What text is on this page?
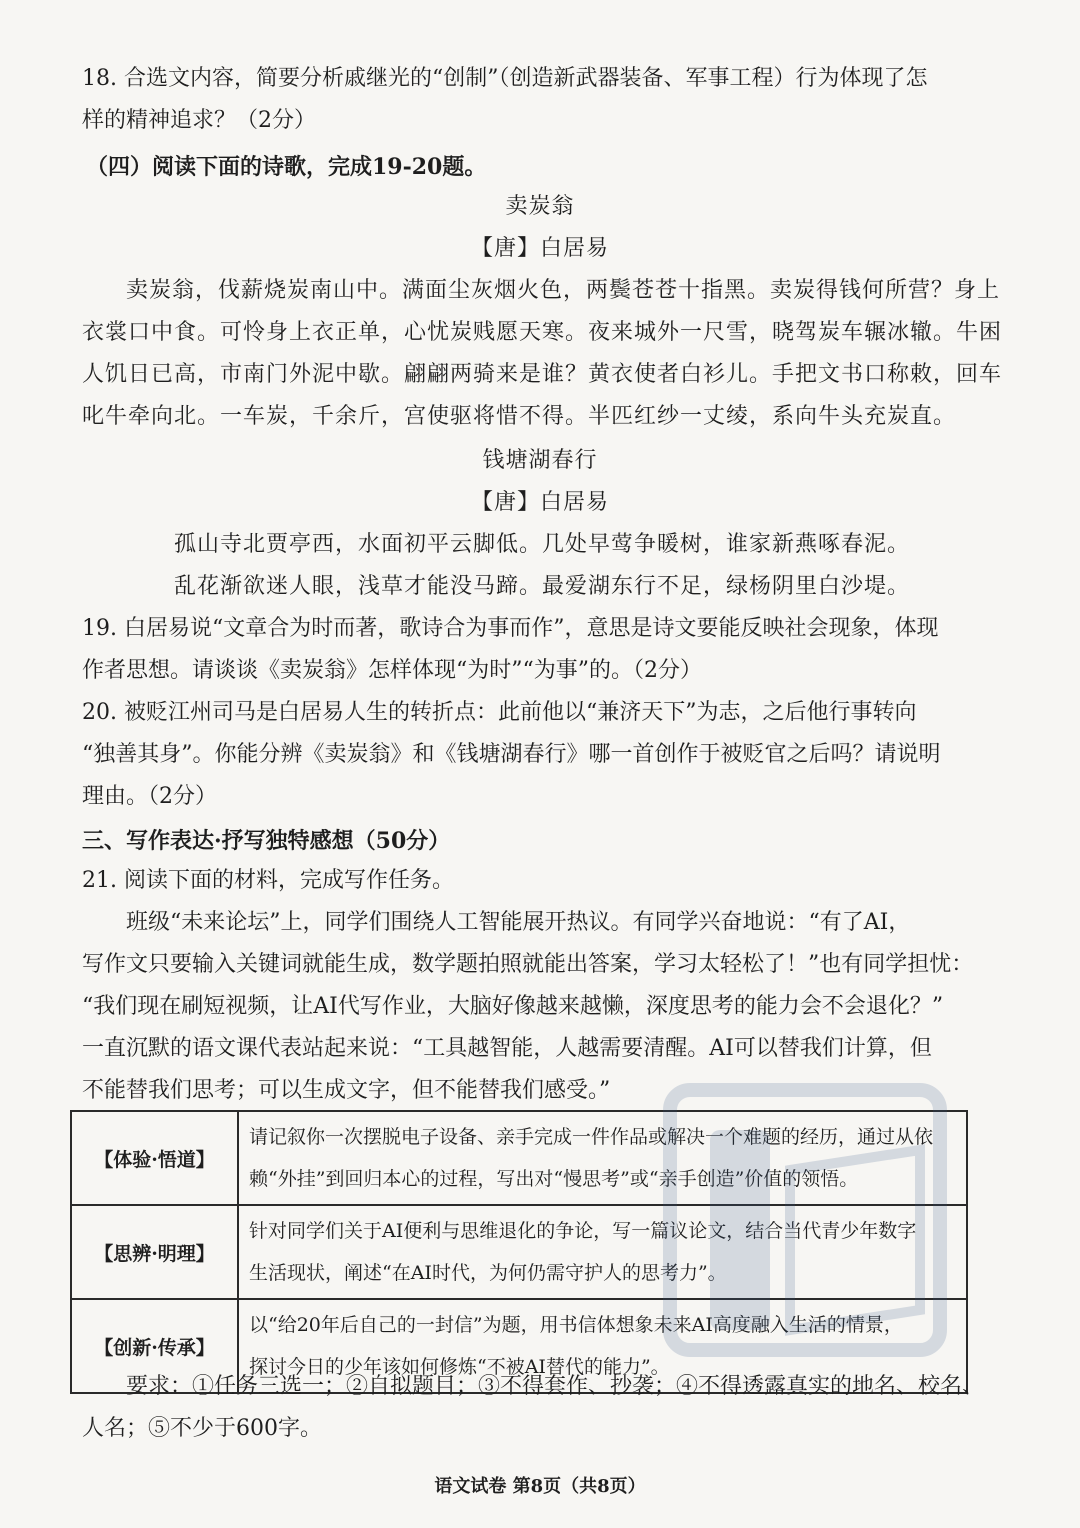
18. 合选文内容，简要分析戚继光的“创制”（创造新武器装备、军事工程）行为体现了怎
样的精神追求？（2分）
（四）阅读下面的诗歌，完成19-20题。
卖炭翁
【唐】白居易
卖炭翁，伐薪烧炭南山中。满面尘灰烟火色，两鬓苍苍十指黑。卖炭得钱何所营？身上
衣裳口中食。可怜身上衣正单，心忧炭贱愿天寒。夜来城外一尺雪，晓驾炭车辗冰辙。牛困
人饥日已高，市南门外泥中歇。翩翩两骑来是谁？黄衣使者白衫儿。手把文书口称敕，回车
叱牛牵向北。一车炭，千余斤，宫使驱将惜不得。半匹红纱一丈绫，系向牛头充炭直。
钱塘湖春行
【唐】白居易
孤山寺北贾亭西，水面初平云脚低。几处早莺争暖树，谁家新燕啄春泥。
乱花渐欲迷人眼，浅草才能没马蹄。最爱湖东行不足，绿杨阴里白沙堤。
19. 白居易说“文章合为时而著，歌诗合为事而作”，意思是诗文要能反映社会现象，体现
作者思想。请谈谈《卖炭翁》怎样体现“为时”“为事”的。（2分）
20. 被贬江州司马是白居易人生的转折点：此前他以“兼济天下”为志，之后他行事转向
“独善其身”。你能分辨《卖炭翁》和《钱塘湖春行》哪一首创作于被贬官之后吗？请说明
理由。（2分）
三、写作表达·抒写独特感想（50分）
21. 阅读下面的材料，完成写作任务。
班级“未来论坛”上，同学们围绕人工智能展开热议。有同学兴奋地说：“有了AI，
写作文只要输入关键词就能生成，数学题拍照就能出答案，学习太轻松了！”也有同学担忧：
“我们现在刷短视频，让AI代写作业，大脑好像越来越懒，深度思考的能力会不会退化？”
一直沉默的语文课代表站起来说：“工具越智能，人越需要清醒。AI可以替我们计算，但
不能替我们思考；可以生成文字，但不能替我们感受。”
【体验·悟道】	请记叙你一次摆脱电子设备、亲手完成一件作品或解决一个难题的经历，通过从依
赖“外挂”到回归本心的过程，写出对“慢思考”或“亲手创造”价值的领悟。

【思辨·明理】	针对同学们关于AI便利与思维退化的争论，写一篇议论文，结合当代青少年数字
生活现状，阐述“在AI时代，为何仍需守护人的思考力”。

【创新·传承】	以“给20年后自己的一封信”为题，用书信体想象未来AI高度融入生活的情景，
探讨今日的少年该如何修炼“不被AI替代的能力”。
要求：①任务三选一；②自拟题目；③不得套作、抄袭；④不得透露真实的地名、校名、
人名；⑤不少于600字。
语文试卷 第8页（共8页）
